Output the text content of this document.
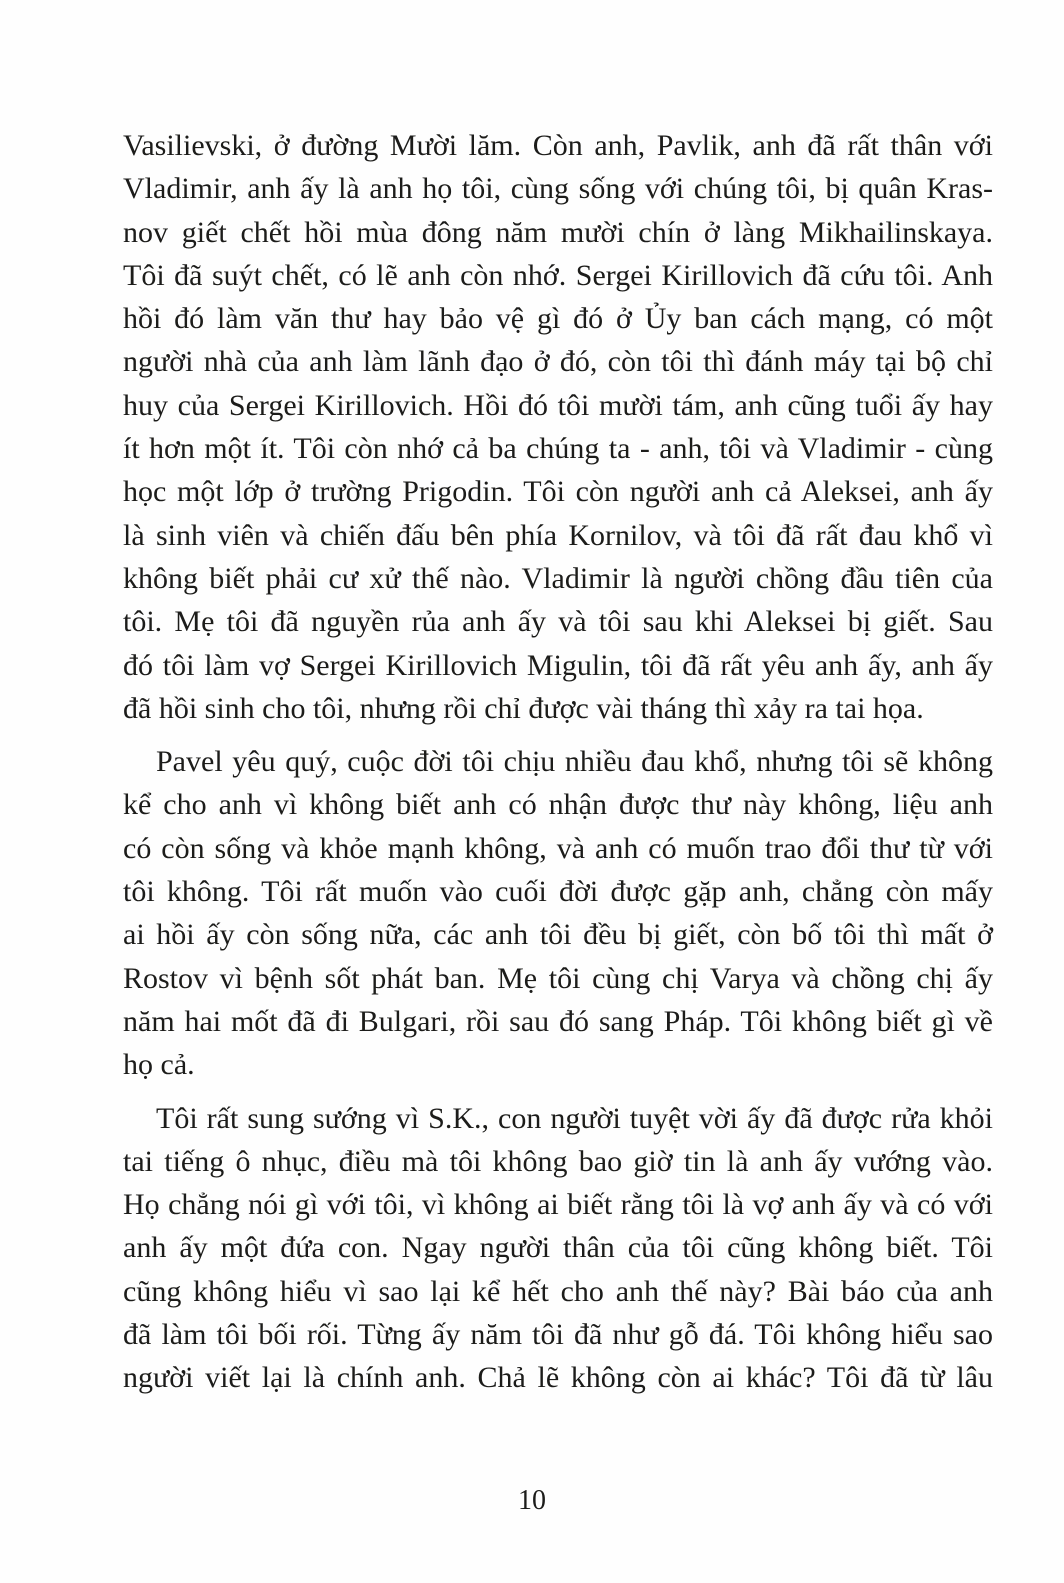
Vasilievski, ở đường Mười lăm. Còn anh, Pavlik, anh đã rất thân với
Vladimir, anh ấy là anh họ tôi, cùng sống với chúng tôi, bị quân Kras-
nov giết chết hồi mùa đông năm mười chín ở làng Mikhailinskaya.
Tôi đã suýt chết, có lẽ anh còn nhớ. Sergei Kirillovich đã cứu tôi. Anh
hồi đó làm văn thư hay bảo vệ gì đó ở Ủy ban cách mạng, có một
người nhà của anh làm lãnh đạo ở đó, còn tôi thì đánh máy tại bộ chỉ
huy của Sergei Kirillovich. Hồi đó tôi mười tám, anh cũng tuổi ấy hay
ít hơn một ít. Tôi còn nhớ cả ba chúng ta - anh, tôi và Vladimir - cùng
học một lớp ở trường Prigodin. Tôi còn người anh cả Aleksei, anh ấy
là sinh viên và chiến đấu bên phía Kornilov, và tôi đã rất đau khổ vì
không biết phải cư xử thế nào. Vladimir là người chồng đầu tiên của
tôi. Mẹ tôi đã nguyền rủa anh ấy và tôi sau khi Aleksei bị giết. Sau
đó tôi làm vợ Sergei Kirillovich Migulin, tôi đã rất yêu anh ấy, anh ấy
đã hồi sinh cho tôi, nhưng rồi chỉ được vài tháng thì xảy ra tai họa.
Pavel yêu quý, cuộc đời tôi chịu nhiều đau khổ, nhưng tôi sẽ không
kể cho anh vì không biết anh có nhận được thư này không, liệu anh
có còn sống và khỏe mạnh không, và anh có muốn trao đổi thư từ với
tôi không. Tôi rất muốn vào cuối đời được gặp anh, chẳng còn mấy
ai hồi ấy còn sống nữa, các anh tôi đều bị giết, còn bố tôi thì mất ở
Rostov vì bệnh sốt phát ban. Mẹ tôi cùng chị Varya và chồng chị ấy
năm hai mốt đã đi Bulgari, rồi sau đó sang Pháp. Tôi không biết gì về
họ cả.
Tôi rất sung sướng vì S.K., con người tuyệt vời ấy đã được rửa khỏi
tai tiếng ô nhục, điều mà tôi không bao giờ tin là anh ấy vướng vào.
Họ chẳng nói gì với tôi, vì không ai biết rằng tôi là vợ anh ấy và có với
anh ấy một đứa con. Ngay người thân của tôi cũng không biết. Tôi
cũng không hiểu vì sao lại kể hết cho anh thế này? Bài báo của anh
đã làm tôi bối rối. Từng ấy năm tôi đã như gỗ đá. Tôi không hiểu sao
người viết lại là chính anh. Chả lẽ không còn ai khác? Tôi đã từ lâu
10
